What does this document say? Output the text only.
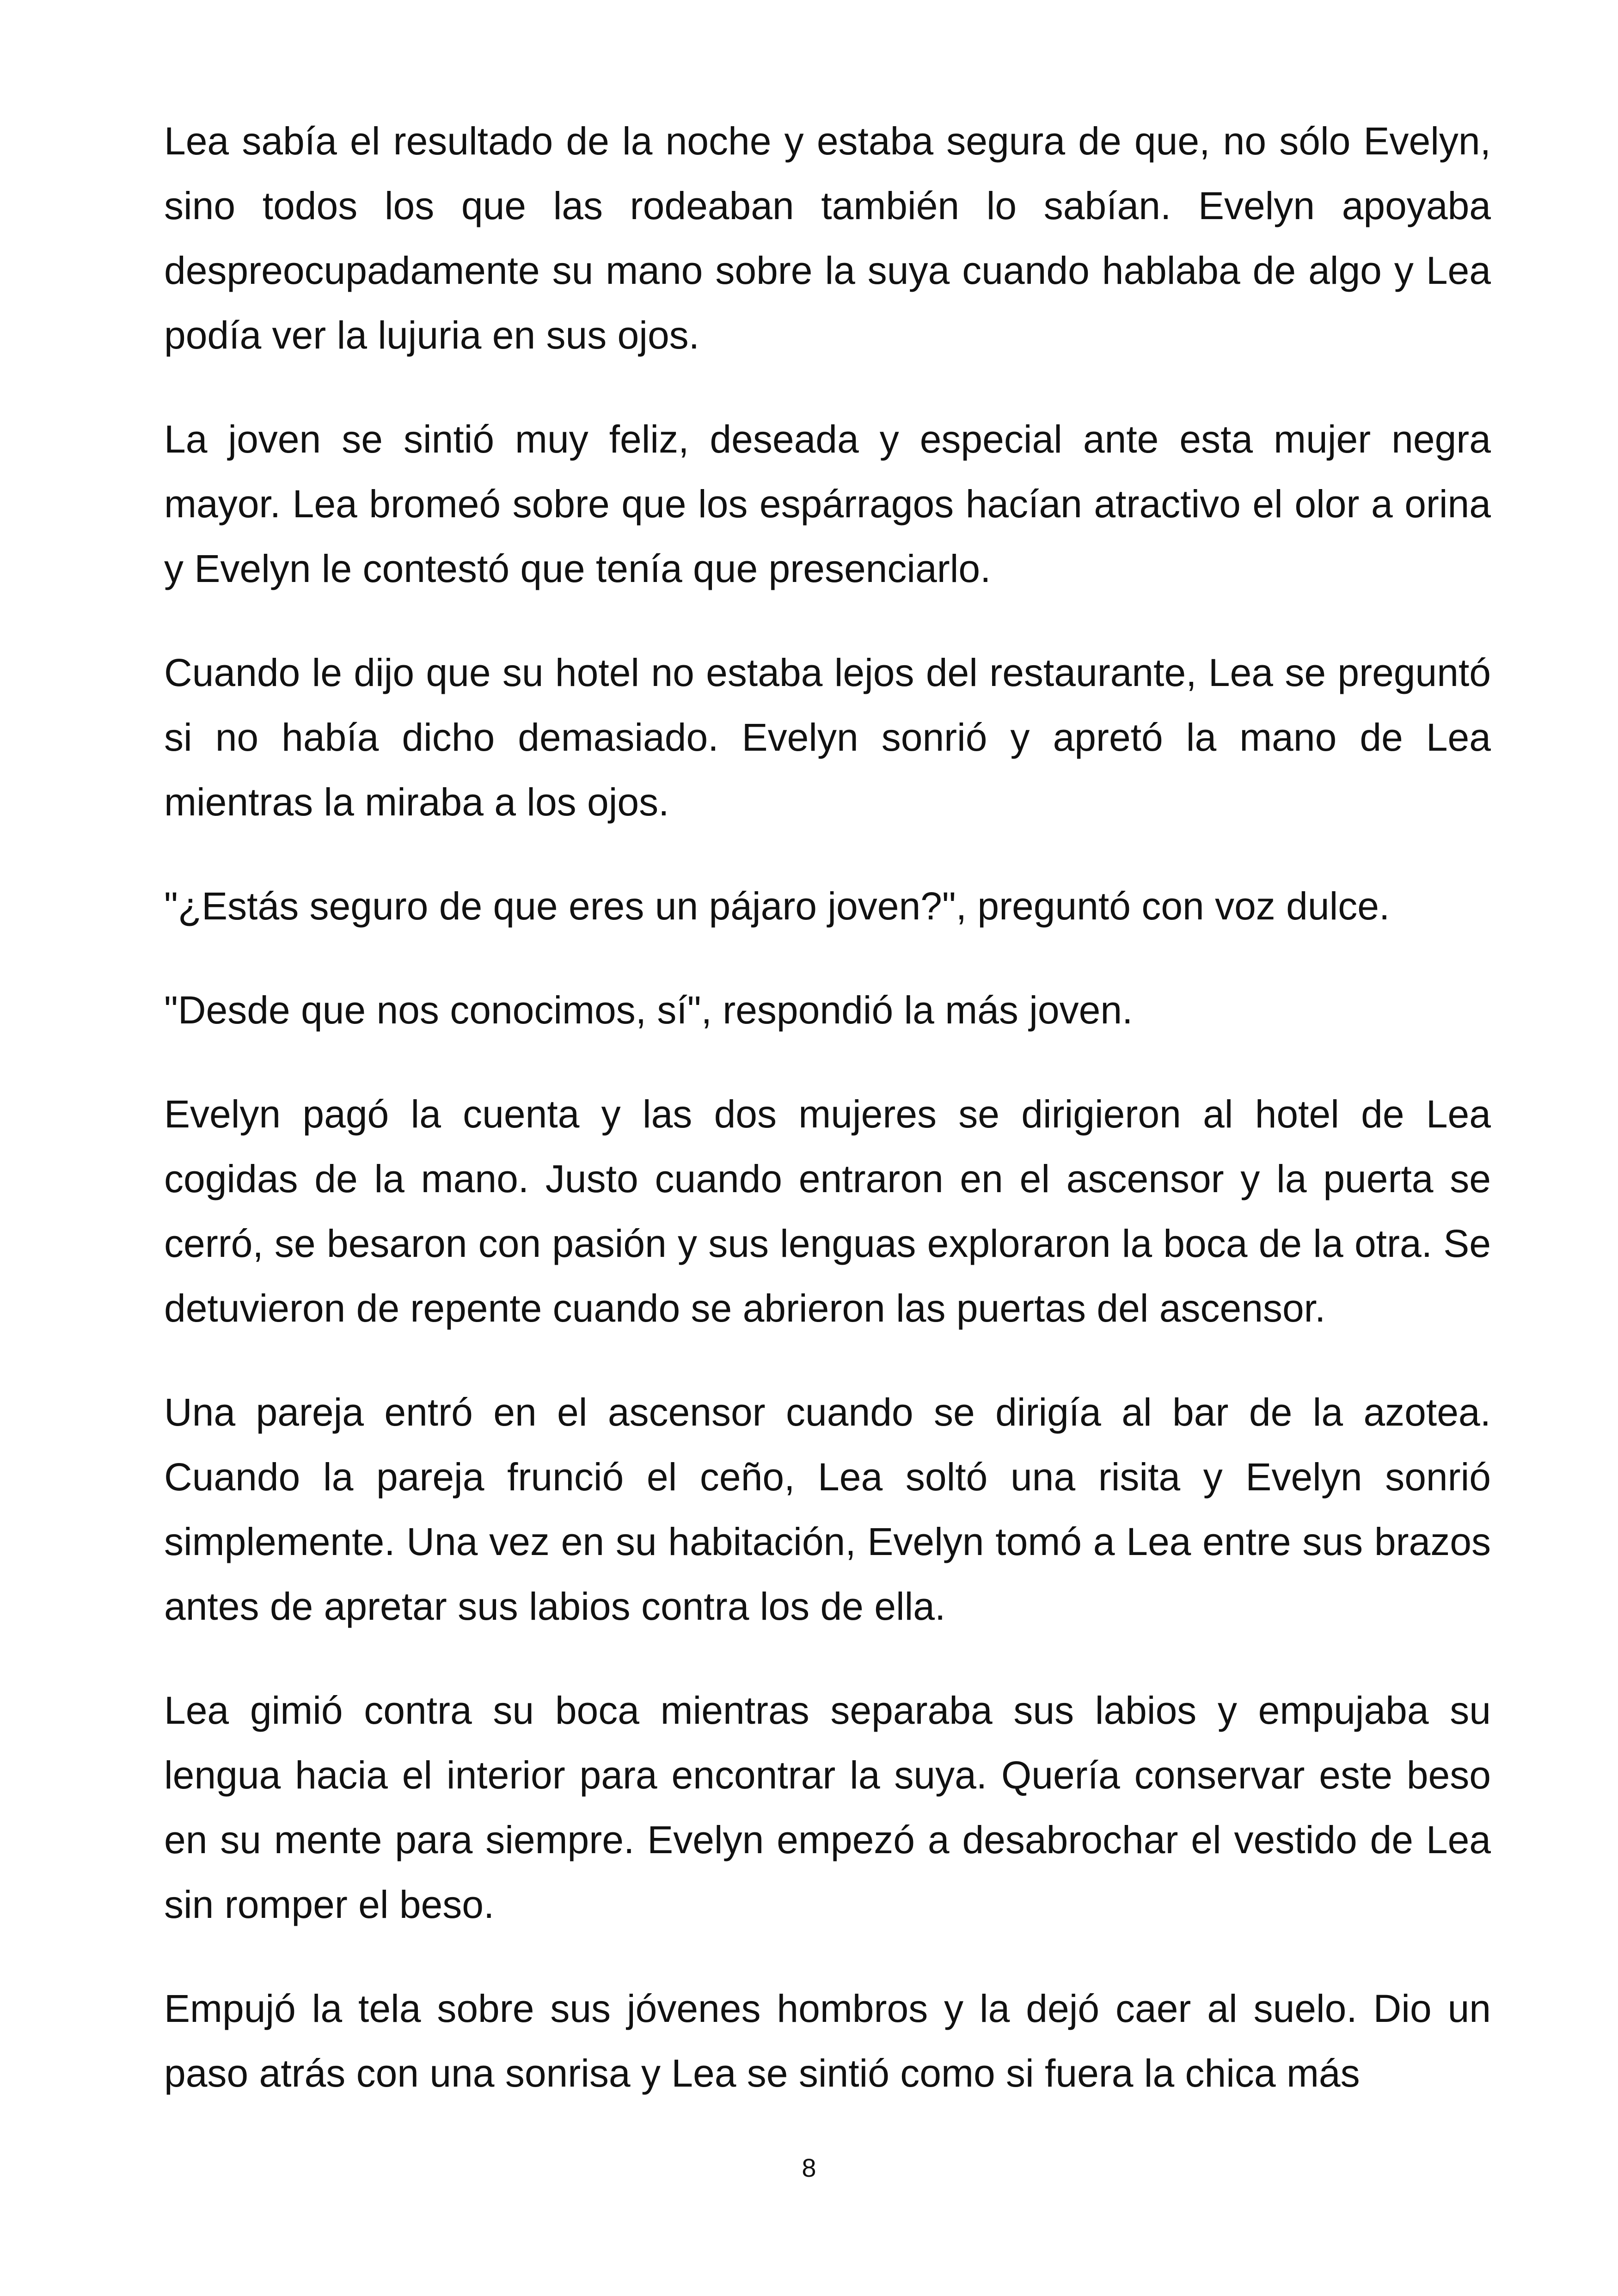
Lea sabía el resultado de la noche y estaba segura de que, no sólo Evelyn, sino todos los que las rodeaban también lo sabían. Evelyn apoyaba despreocupadamente su mano sobre la suya cuando hablaba de algo y Lea podía ver la lujuria en sus ojos.

La joven se sintió muy feliz, deseada y especial ante esta mujer negra mayor. Lea bromeó sobre que los espárragos hacían atractivo el olor a orina y Evelyn le contestó que tenía que presenciarlo.

Cuando le dijo que su hotel no estaba lejos del restaurante, Lea se preguntó si no había dicho demasiado. Evelyn sonrió y apretó la mano de Lea mientras la miraba a los ojos.

"¿Estás seguro de que eres un pájaro joven?", preguntó con voz dulce.

"Desde que nos conocimos, sí", respondió la más joven.

Evelyn pagó la cuenta y las dos mujeres se dirigieron al hotel de Lea cogidas de la mano. Justo cuando entraron en el ascensor y la puerta se cerró, se besaron con pasión y sus lenguas exploraron la boca de la otra. Se detuvieron de repente cuando se abrieron las puertas del ascensor.

Una pareja entró en el ascensor cuando se dirigía al bar de la azotea. Cuando la pareja frunció el ceño, Lea soltó una risita y Evelyn sonrió simplemente. Una vez en su habitación, Evelyn tomó a Lea entre sus brazos antes de apretar sus labios contra los de ella.

Lea gimió contra su boca mientras separaba sus labios y empujaba su lengua hacia el interior para encontrar la suya. Quería conservar este beso en su mente para siempre. Evelyn empezó a desabrochar el vestido de Lea sin romper el beso.

Empujó la tela sobre sus jóvenes hombros y la dejó caer al suelo. Dio un paso atrás con una sonrisa y Lea se sintió como si fuera la chica más

8
